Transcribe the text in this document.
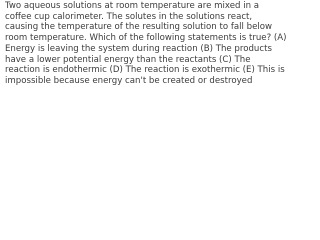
Two aqueous solutions at room temperature are mixed in a
coffee cup calorimeter. The solutes in the solutions react,
causing the temperature of the resulting solution to fall below
room temperature. Which of the following statements is true? (A)
Energy is leaving the system during reaction (B) The products
have a lower potential energy than the reactants (C) The
reaction is endothermic (D) The reaction is exothermic (E) This is
impossible because energy can't be created or destroyed
